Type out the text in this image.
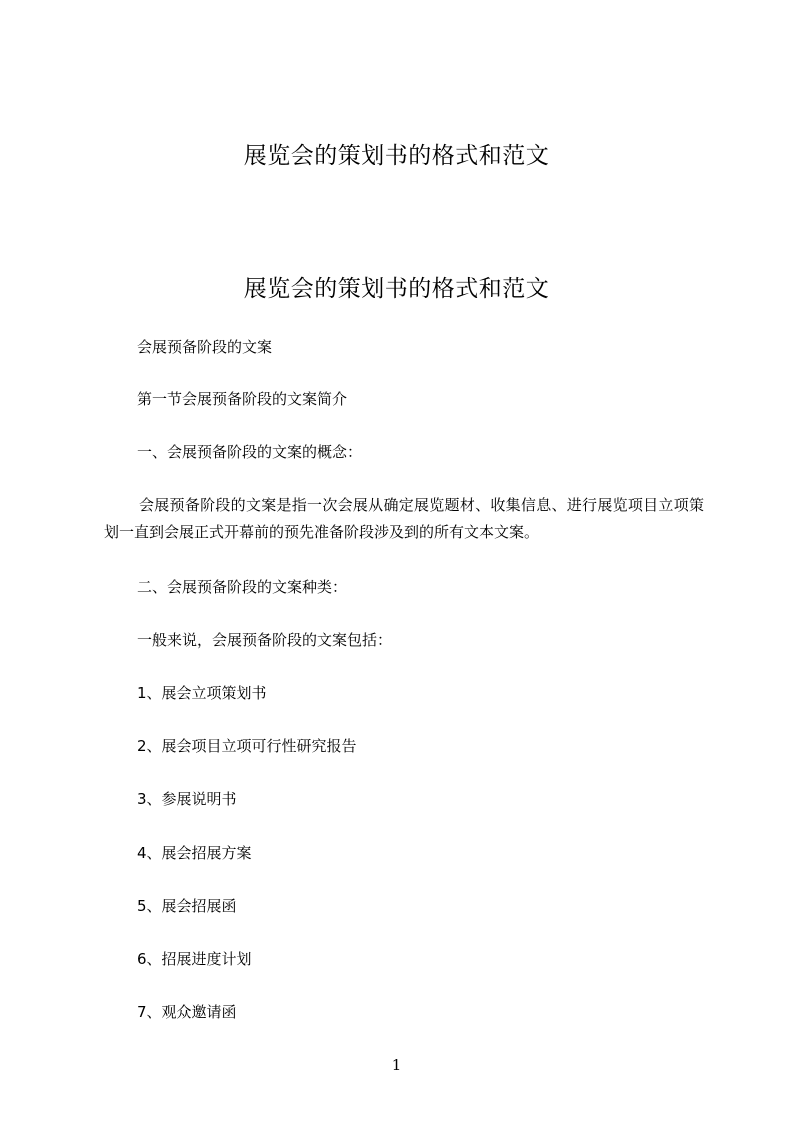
展览会的策划书的格式和范文
展览会的策划书的格式和范文

会展预备阶段的文案

第一节会展预备阶段的文案简介

一、会展预备阶段的文案的概念：

会展预备阶段的文案是指一次会展从确定展览题材、收集信息、进行展览项目立项策划一直到会展正式开幕前的预先准备阶段涉及到的所有文本文案。

二、会展预备阶段的文案种类：

一般来说，会展预备阶段的文案包括：

1、展会立项策划书

2、展会项目立项可行性研究报告

3、参展说明书

4、展会招展方案

5、展会招展函

6、招展进度计划

7、观众邀请函

1
